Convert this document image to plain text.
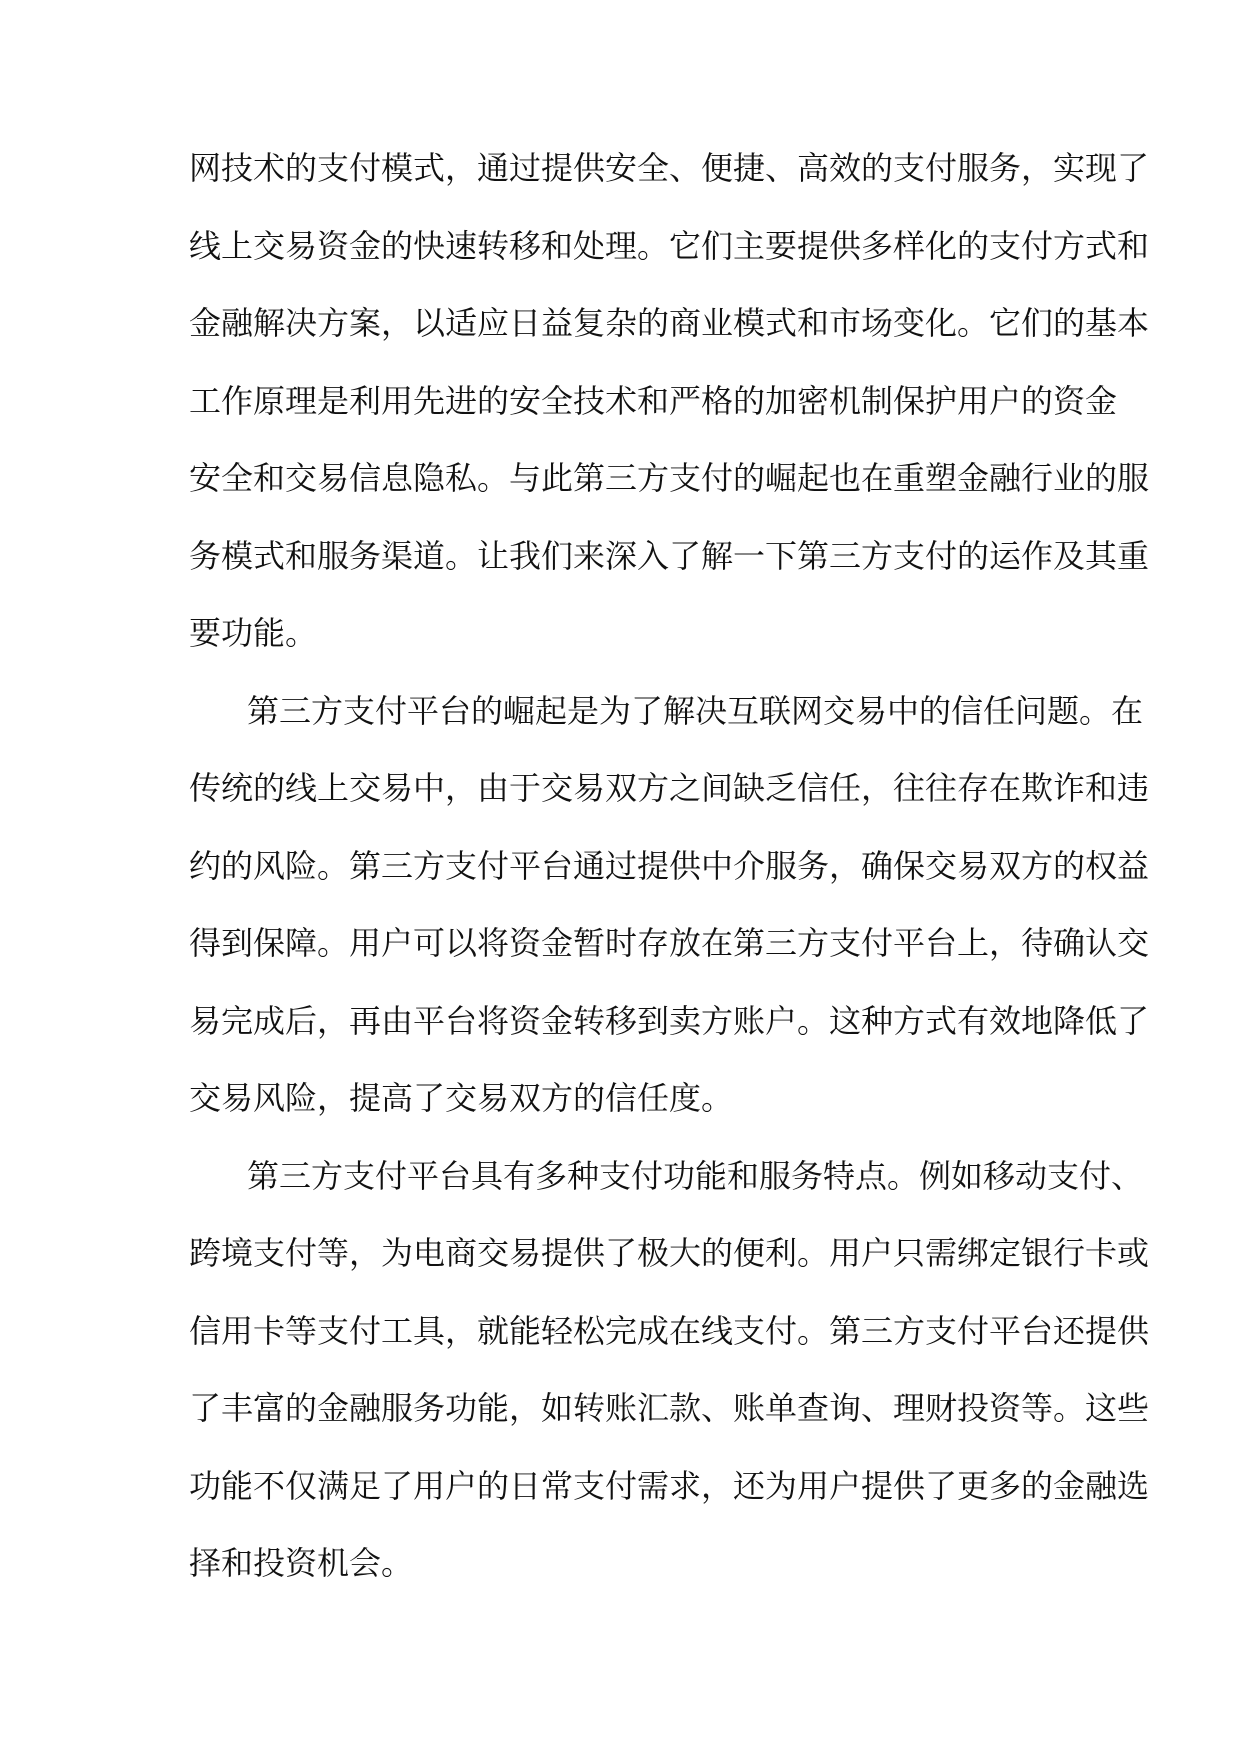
网技术的支付模式，通过提供安全、便捷、高效的支付服务，实现了
线上交易资金的快速转移和处理。它们主要提供多样化的支付方式和
金融解决方案，以适应日益复杂的商业模式和市场变化。它们的基本
工作原理是利用先进的安全技术和严格的加密机制保护用户的资金
安全和交易信息隐私。与此第三方支付的崛起也在重塑金融行业的服
务模式和服务渠道。让我们来深入了解一下第三方支付的运作及其重
要功能。
第三方支付平台的崛起是为了解决互联网交易中的信任问题。在
传统的线上交易中，由于交易双方之间缺乏信任，往往存在欺诈和违
约的风险。第三方支付平台通过提供中介服务，确保交易双方的权益
得到保障。用户可以将资金暂时存放在第三方支付平台上，待确认交
易完成后，再由平台将资金转移到卖方账户。这种方式有效地降低了
交易风险，提高了交易双方的信任度。
第三方支付平台具有多种支付功能和服务特点。例如移动支付、
跨境支付等，为电商交易提供了极大的便利。用户只需绑定银行卡或
信用卡等支付工具，就能轻松完成在线支付。第三方支付平台还提供
了丰富的金融服务功能，如转账汇款、账单查询、理财投资等。这些
功能不仅满足了用户的日常支付需求，还为用户提供了更多的金融选
择和投资机会。
